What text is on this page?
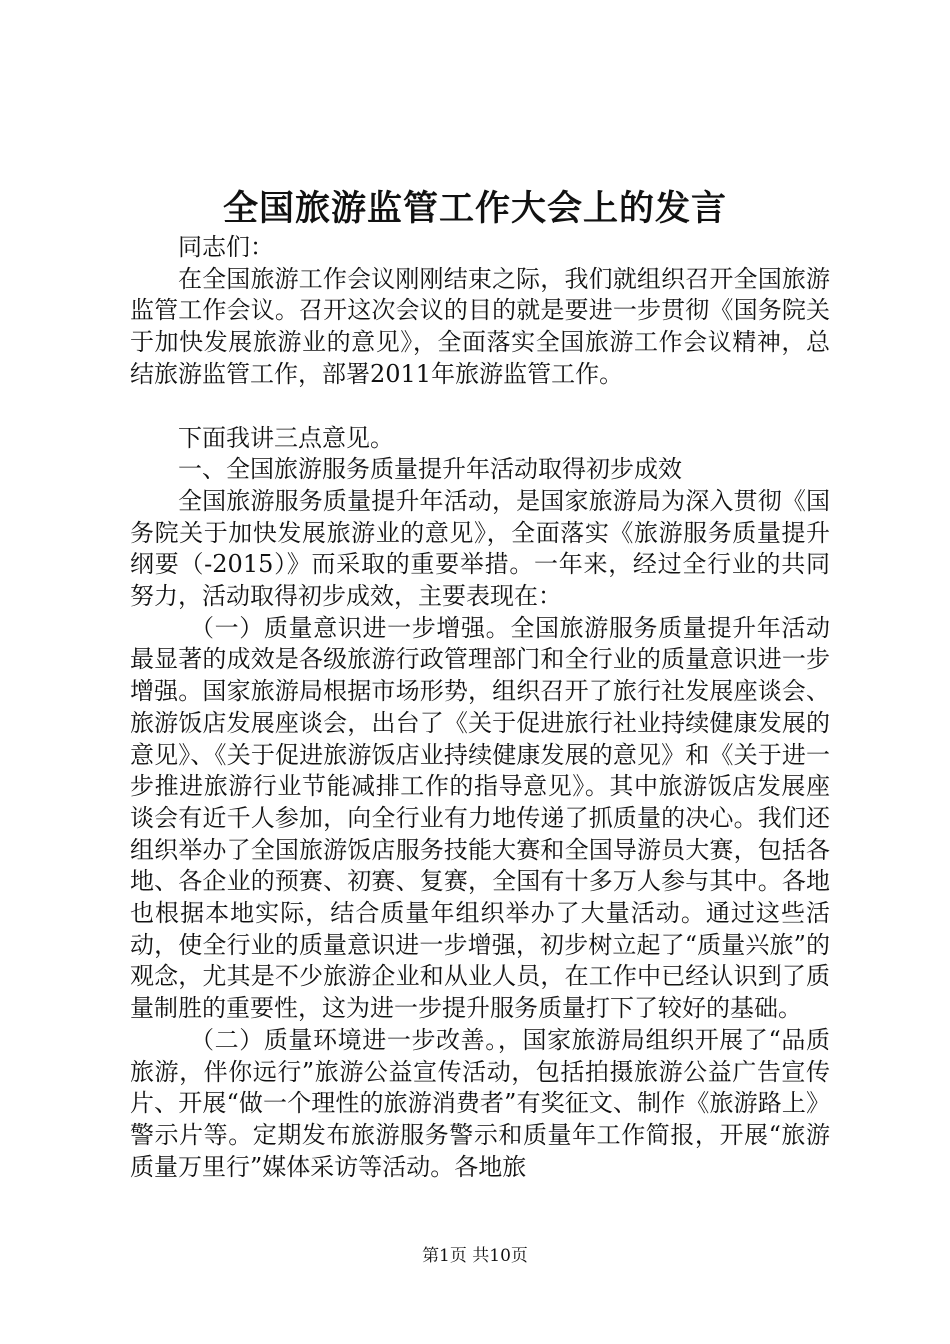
全国旅游监管工作大会上的发言

同志们：

在全国旅游工作会议刚刚结束之际，我们就组织召开全国旅游监管工作会议。召开这次会议的目的就是要进一步贯彻《国务院关于加快发展旅游业的意见》，全面落实全国旅游工作会议精神，总结旅游监管工作，部署2011年旅游监管工作。

下面我讲三点意见。

一、全国旅游服务质量提升年活动取得初步成效

全国旅游服务质量提升年活动，是国家旅游局为深入贯彻《国务院关于加快发展旅游业的意见》，全面落实《旅游服务质量提升纲要（-2015）》而采取的重要举措。一年来，经过全行业的共同努力，活动取得初步成效，主要表现在：

（一）质量意识进一步增强。全国旅游服务质量提升年活动最显著的成效是各级旅游行政管理部门和全行业的质量意识进一步增强。国家旅游局根据市场形势，组织召开了旅行社发展座谈会、旅游饭店发展座谈会，出台了《关于促进旅行社业持续健康发展的意见》、《关于促进旅游饭店业持续健康发展的意见》和《关于进一步推进旅游行业节能减排工作的指导意见》。其中旅游饭店发展座谈会有近千人参加，向全行业有力地传递了抓质量的决心。我们还组织举办了全国旅游饭店服务技能大赛和全国导游员大赛，包括各地、各企业的预赛、初赛、复赛，全国有十多万人参与其中。各地也根据本地实际，结合质量年组织举办了大量活动。通过这些活动，使全行业的质量意识进一步增强，初步树立起了“质量兴旅”的观念，尤其是不少旅游企业和从业人员，在工作中已经认识到了质量制胜的重要性，这为进一步提升服务质量打下了较好的基础。

（二）质量环境进一步改善。，国家旅游局组织开展了“品质旅游，伴你远行”旅游公益宣传活动，包括拍摄旅游公益广告宣传片、开展“做一个理性的旅游消费者”有奖征文、制作《旅游路上》警示片等。定期发布旅游服务警示和质量年工作简报，开展“旅游质量万里行”媒体采访等活动。各地旅

第1页 共10页
